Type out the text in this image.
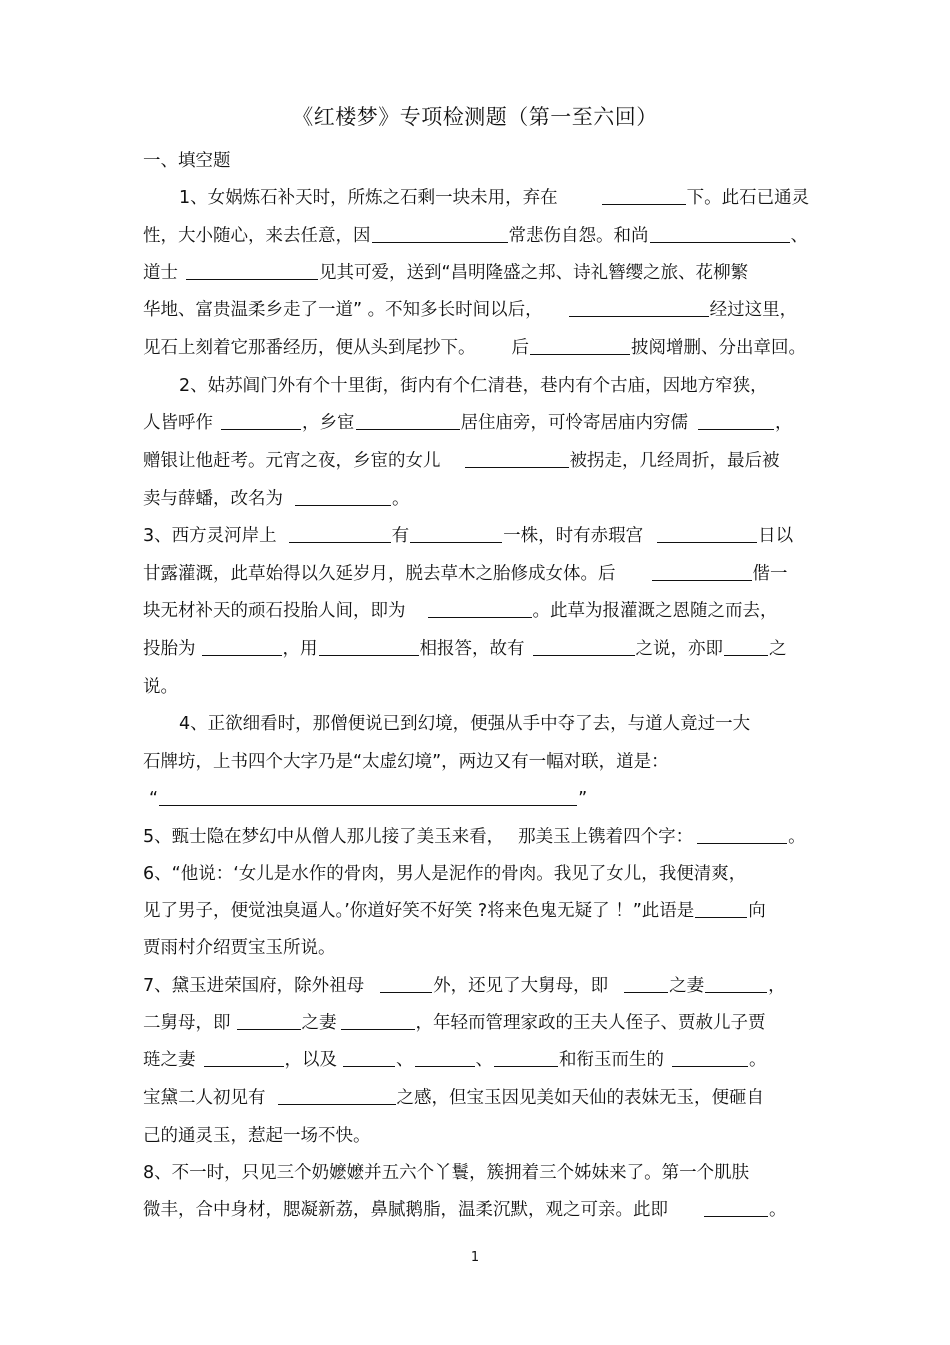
《红楼梦》专项检测题（第一至六回）
一、填空题
1、女娲炼石补天时，所炼之石剩一块未用，弃在	下。此石已通灵
性，大小随心，来去任意，因	常悲伤自怨。和尚	、
道士	见其可爱，送到“昌明隆盛之邦、诗礼簪缨之旅、花柳繁
华地、富贵温柔乡走了一道” 。不知多长时间以后，	经过这里，
见石上刻着它那番经历，便从头到尾抄下。 后	披阅增删、分出章回。
2、姑苏阊门外有个十里街，街内有个仁清巷，巷内有个古庙，因地方窄狭，
人皆呼作	，乡宦	居住庙旁，可怜寄居庙内穷儒	，
赠银让他赶考。元宵之夜，乡宦的女儿	被拐走，几经周折，最后被
卖与薛蟠，改名为	。
3、西方灵河岸上	有	一株，时有赤瑕宫	日以
甘露灌溉，此草始得以久延岁月，脱去草木之胎修成女体。后	偕一
块无材补天的顽石投胎人间，即为	。此草为报灌溉之恩随之而去，
投胎为	，用	相报答，故有	之说，亦即	之
说。
4、正欲细看时，那僧便说已到幻境，便强从手中夺了去，与道人竟过一大
石牌坊，上书四个大字乃是“太虚幻境”，两边又有一幅对联，道是：
“	”
5、甄士隐在梦幻中从僧人那儿接了美玉来看， 那美玉上镌着四个字：	。
6、“他说：‘女儿是水作的骨肉，男人是泥作的骨肉。我见了女儿，我便清爽，
见了男子，便觉浊臭逼人。’你道好笑不好笑 ?将来色鬼无疑了 ！”此语是	向
贾雨村介绍贾宝玉所说。
7、黛玉进荣国府，除外祖母	外，还见了大舅母，即	之妻	，
二舅母，即	之妻	，年轻而管理家政的王夫人侄子、贾赦儿子贾
琏之妻	，以及	、	、	和衔玉而生的	。
宝黛二人初见有	之感，但宝玉因见美如天仙的表妹无玉，便砸自
己的通灵玉，惹起一场不快。
8、不一时，只见三个奶嬷嬷并五六个丫鬟，簇拥着三个姊妹来了。第一个肌肤
微丰，合中身材，腮凝新荔，鼻腻鹅脂，温柔沉默，观之可亲。此即	。
1
